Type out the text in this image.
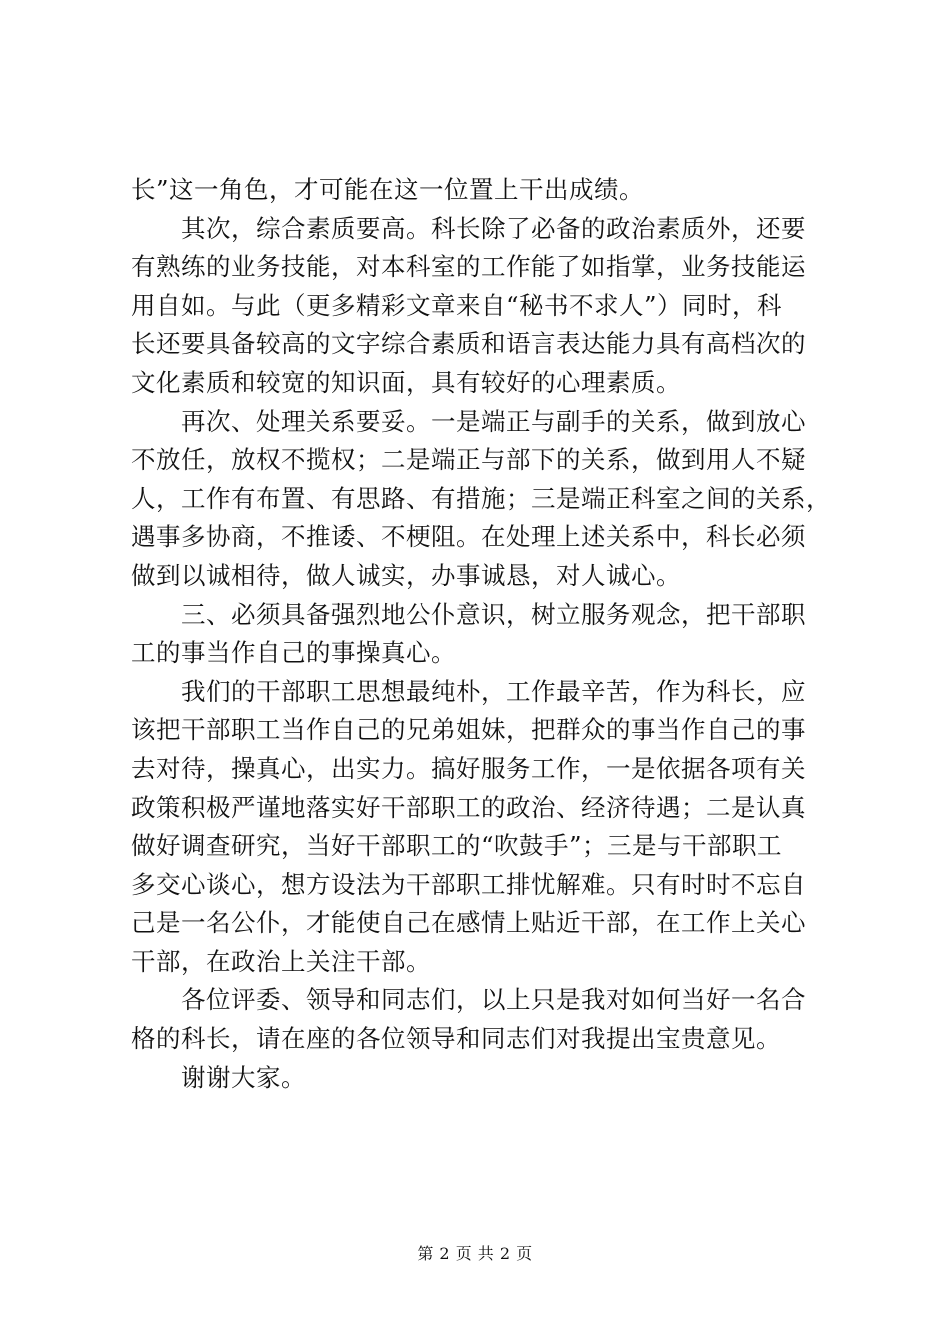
长”这一角色，才可能在这一位置上干出成绩。
　　其次，综合素质要高。科长除了必备的政治素质外，还要
有熟练的业务技能，对本科室的工作能了如指掌，业务技能运
用自如。与此（更多精彩文章来自“秘书不求人”）同时，科
长还要具备较高的文字综合素质和语言表达能力具有高档次的
文化素质和较宽的知识面，具有较好的心理素质。
　　再次、处理关系要妥。一是端正与副手的关系，做到放心
不放任，放权不揽权；二是端正与部下的关系，做到用人不疑
人，工作有布置、有思路、有措施；三是端正科室之间的关系，
遇事多协商，不推诿、不梗阻。在处理上述关系中，科长必须
做到以诚相待，做人诚实，办事诚恳，对人诚心。
　　三、必须具备强烈地公仆意识，树立服务观念，把干部职
工的事当作自己的事操真心。
　　我们的干部职工思想最纯朴，工作最辛苦，作为科长，应
该把干部职工当作自己的兄弟姐妹，把群众的事当作自己的事
去对待，操真心，出实力。搞好服务工作，一是依据各项有关
政策积极严谨地落实好干部职工的政治、经济待遇；二是认真
做好调查研究，当好干部职工的“吹鼓手”；三是与干部职工
多交心谈心，想方设法为干部职工排忧解难。只有时时不忘自
己是一名公仆，才能使自己在感情上贴近干部，在工作上关心
干部，在政治上关注干部。
　　各位评委、领导和同志们，以上只是我对如何当好一名合
格的科长，请在座的各位领导和同志们对我提出宝贵意见。
　　谢谢大家。
第 2 页 共 2 页
